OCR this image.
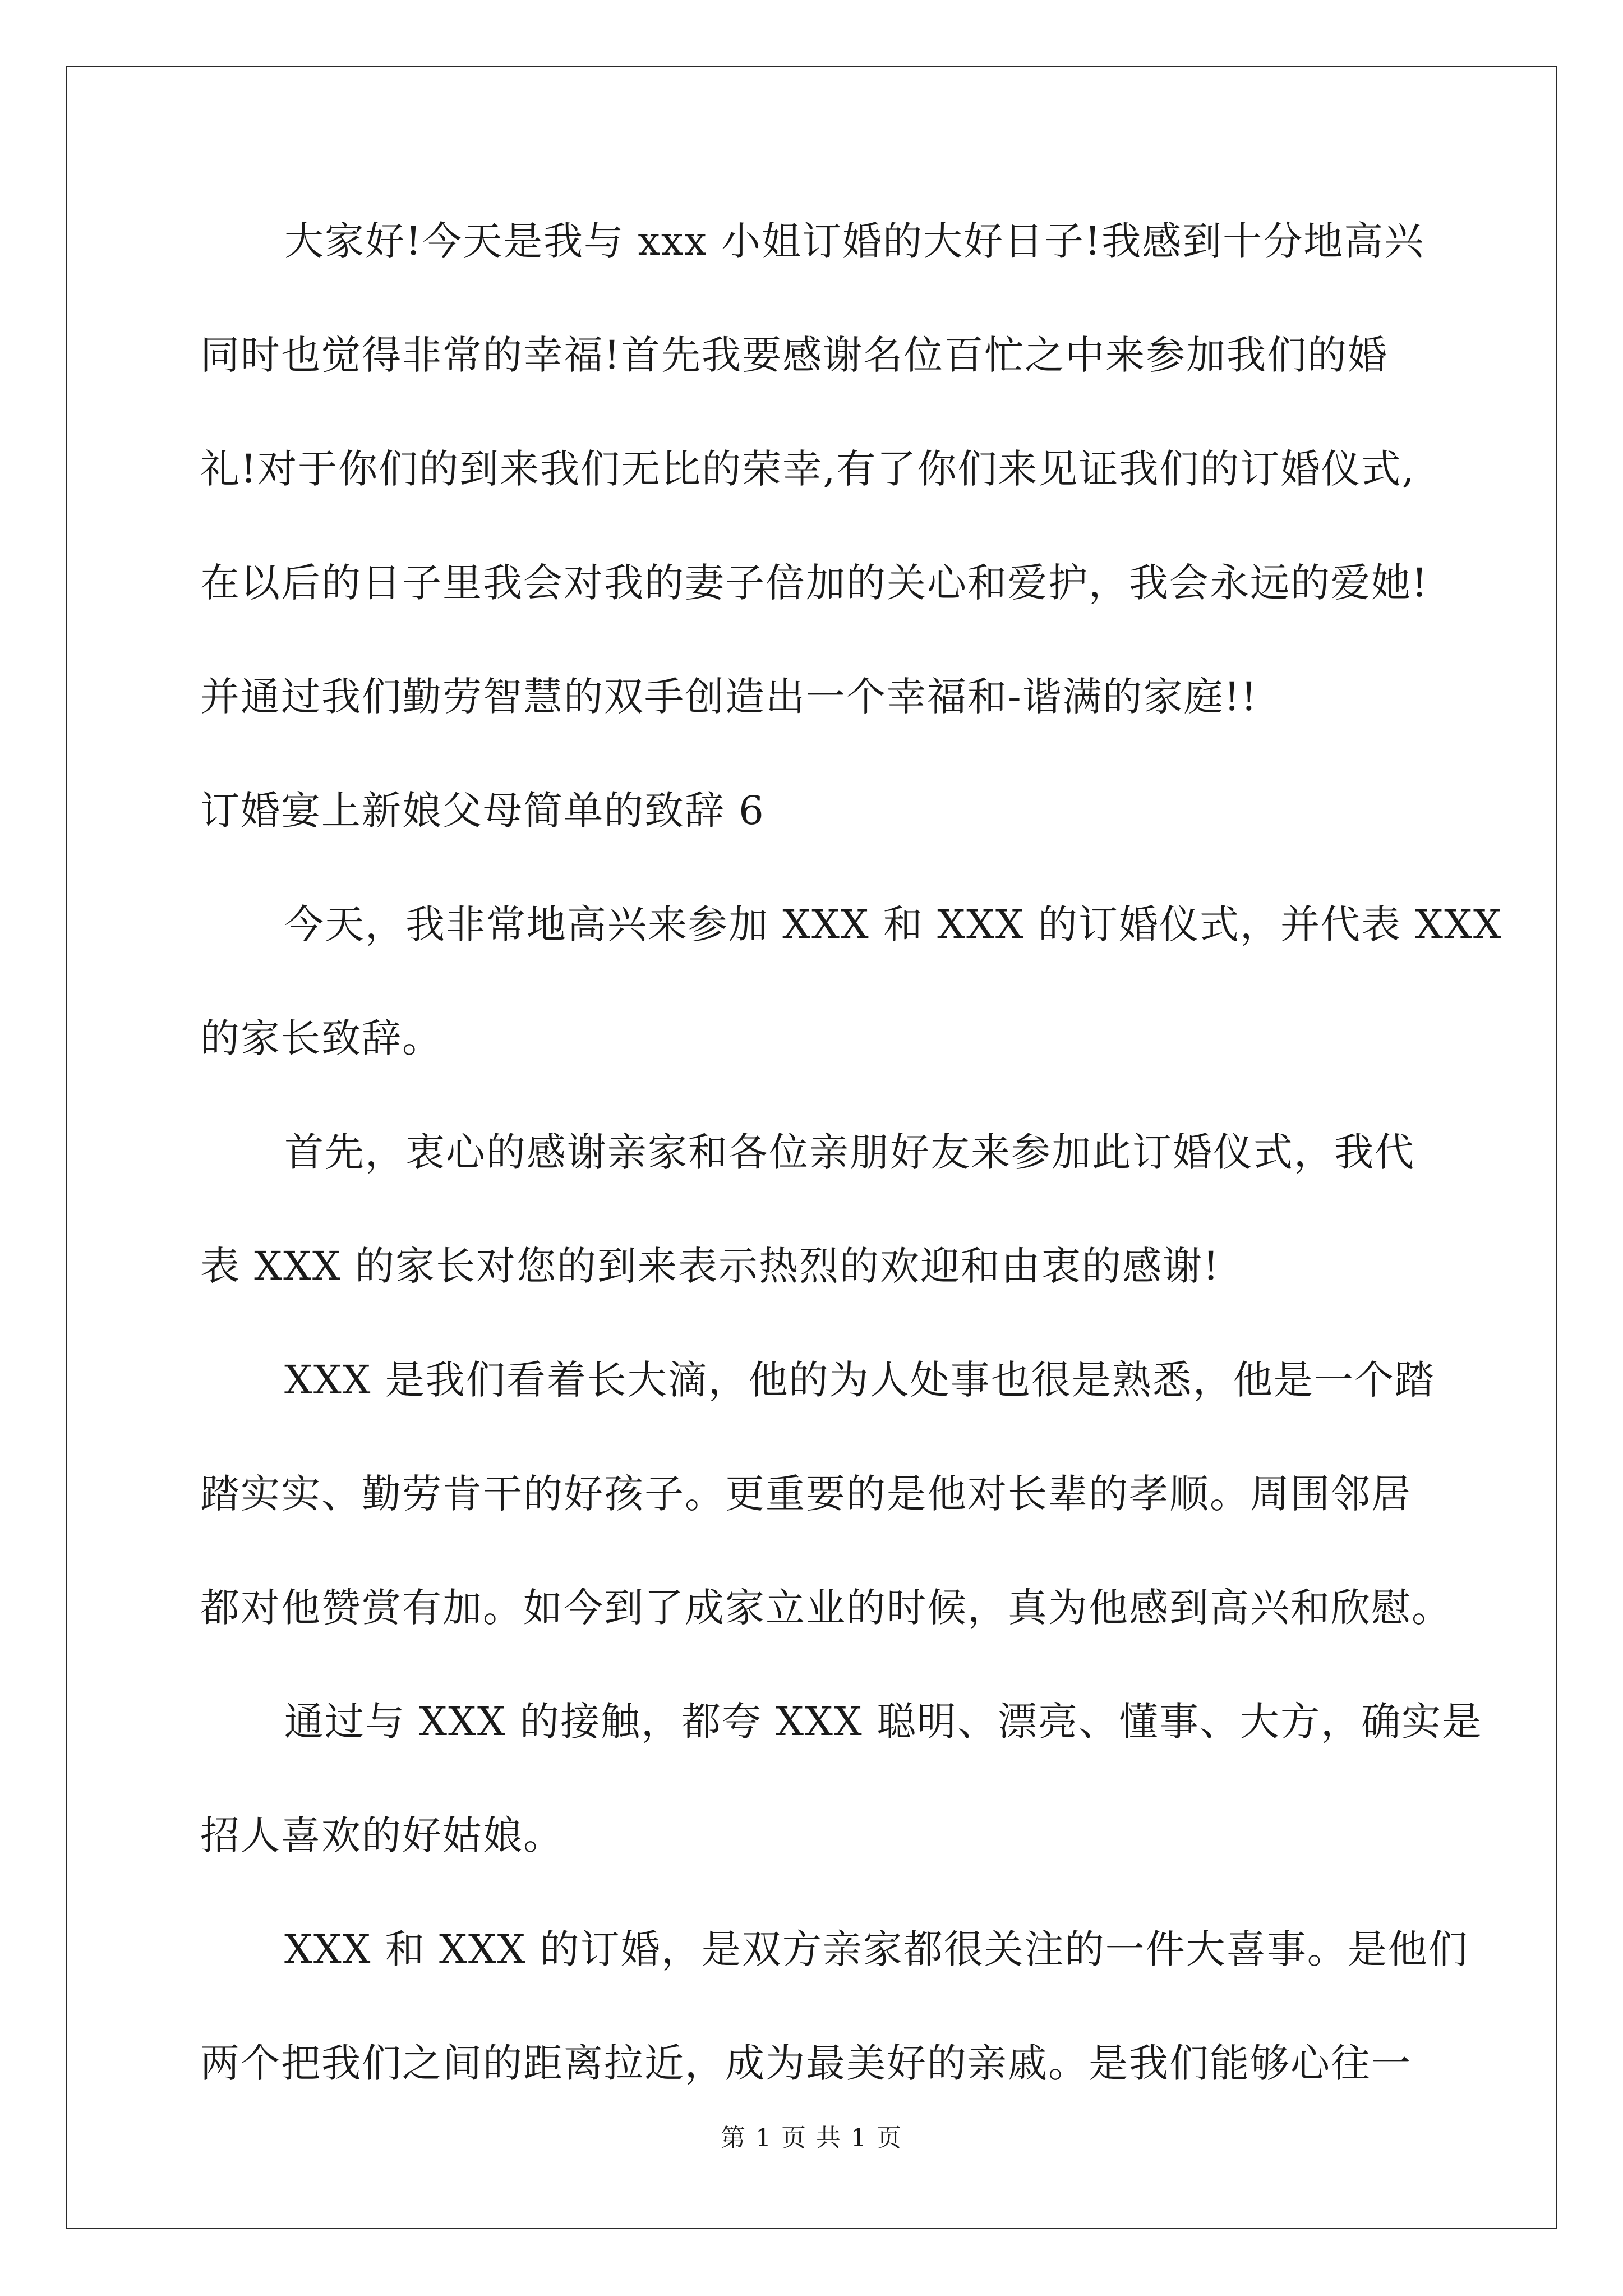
大家好!今天是我与 xxx 小姐订婚的大好日子!我感到十分地高兴
同时也觉得非常的幸福!首先我要感谢名位百忙之中来参加我们的婚
礼!对于你们的到来我们无比的荣幸,有了你们来见证我们的订婚仪式,
在以后的日子里我会对我的妻子倍加的关心和爱护，我会永远的爱她!
并通过我们勤劳智慧的双手创造出一个幸福和-谐满的家庭!!
订婚宴上新娘父母简单的致辞 6
今天，我非常地高兴来参加 XXX 和 XXX 的订婚仪式，并代表 XXX
的家长致辞。
首先，衷心的感谢亲家和各位亲朋好友来参加此订婚仪式，我代
表 XXX 的家长对您的到来表示热烈的欢迎和由衷的感谢!
XXX 是我们看着长大滴，他的为人处事也很是熟悉，他是一个踏
踏实实、勤劳肯干的好孩子。更重要的是他对长辈的孝顺。周围邻居
都对他赞赏有加。如今到了成家立业的时候，真为他感到高兴和欣慰。
通过与 XXX 的接触，都夸 XXX 聪明、漂亮、懂事、大方，确实是
招人喜欢的好姑娘。
XXX 和 XXX 的订婚，是双方亲家都很关注的一件大喜事。是他们
两个把我们之间的距离拉近，成为最美好的亲戚。是我们能够心往一
第 1 页 共 1 页
